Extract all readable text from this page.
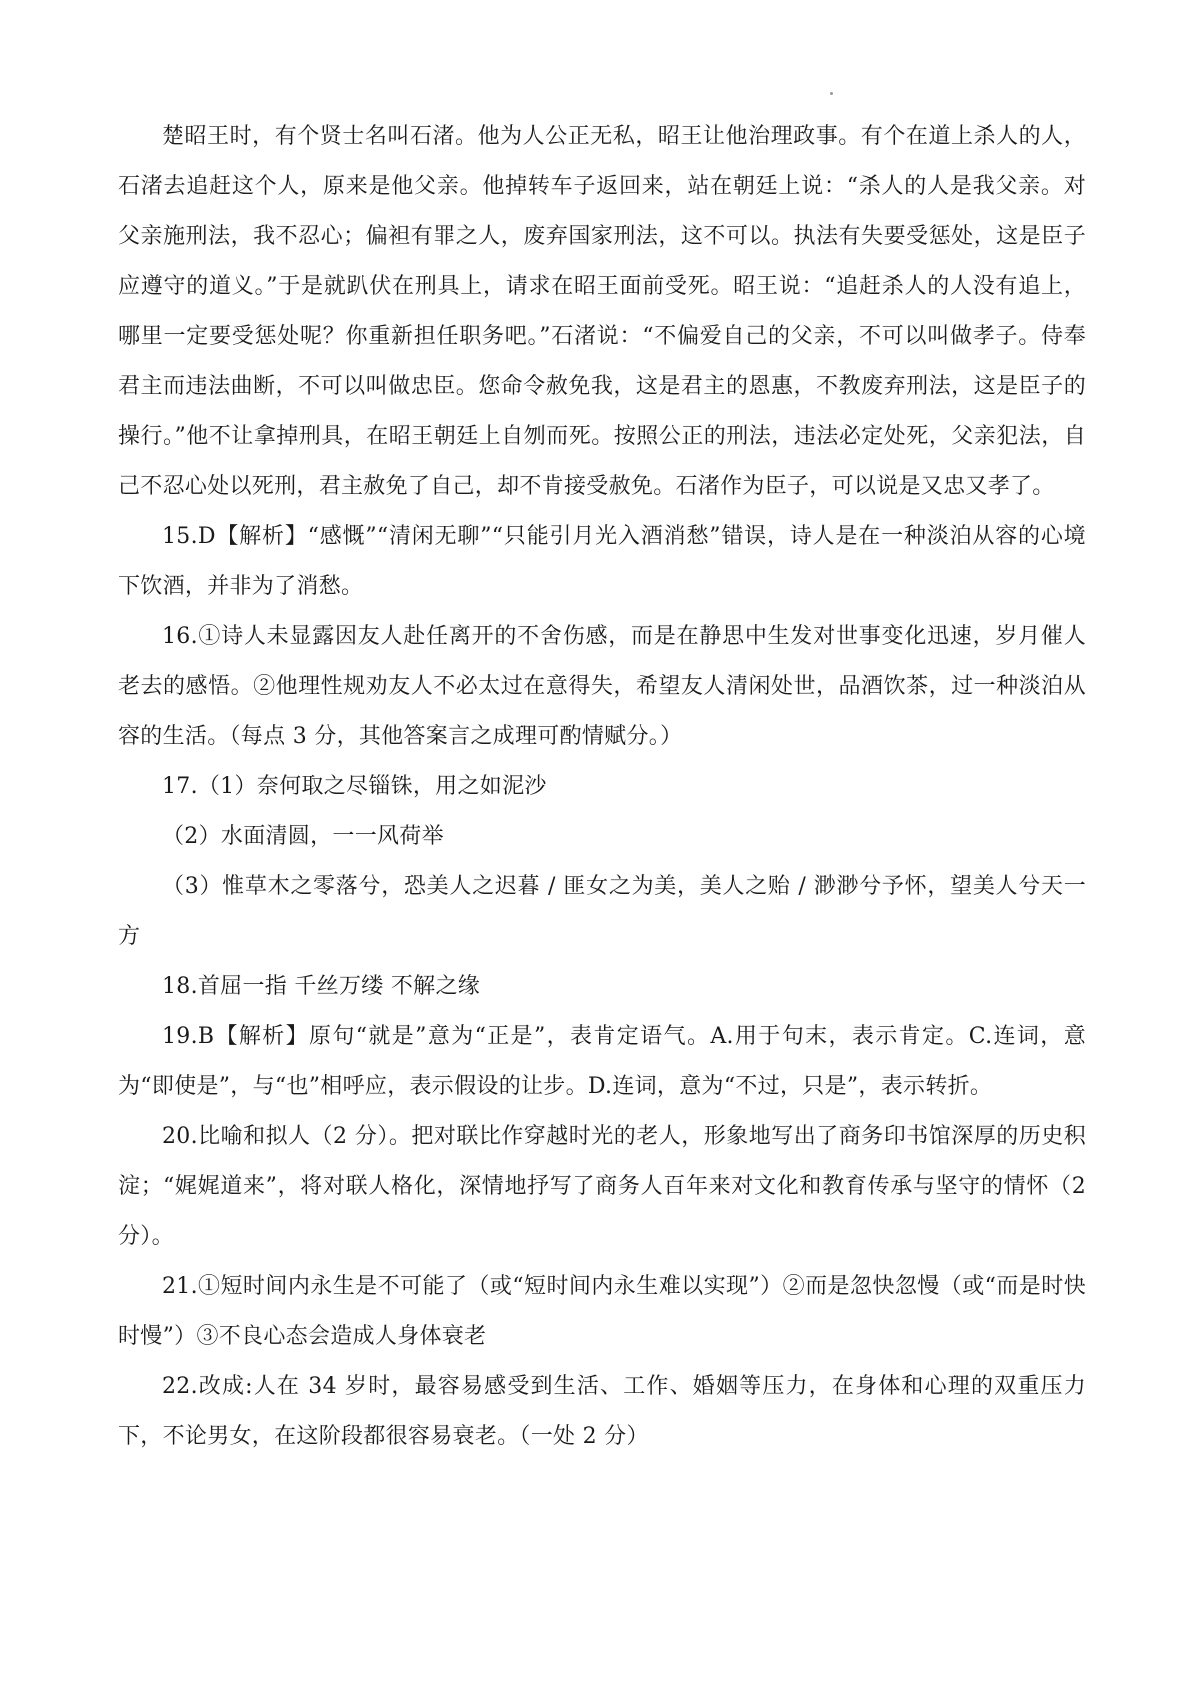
楚昭王时，有个贤士名叫石渚。他为人公正无私，昭王让他治理政事。有个在道上杀人的人，石渚去追赶这个人，原来是他父亲。他掉转车子返回来，站在朝廷上说：“杀人的人是我父亲。对父亲施刑法，我不忍心；偏袒有罪之人，废弃国家刑法，这不可以。执法有失要受惩处，这是臣子应遵守的道义。”于是就趴伏在刑具上，请求在昭王面前受死。昭王说：“追赶杀人的人没有追上，哪里一定要受惩处呢？你重新担任职务吧。”石渚说：“不偏爱自己的父亲，不可以叫做孝子。侍奉君主而违法曲断，不可以叫做忠臣。您命令赦免我，这是君主的恩惠，不教废弃刑法，这是臣子的操行。”他不让拿掉刑具，在昭王朝廷上自刎而死。按照公正的刑法，违法必定处死，父亲犯法，自己不忍心处以死刑，君主赦免了自己，却不肯接受赦免。石渚作为臣子，可以说是又忠又孝了。

15.D【解析】“感慨”“清闲无聊”“只能引月光入酒消愁”错误，诗人是在一种淡泊从容的心境下饮酒，并非为了消愁。

16.①诗人未显露因友人赴任离开的不舍伤感，而是在静思中生发对世事变化迅速，岁月催人老去的感悟。②他理性规劝友人不必太过在意得失，希望友人清闲处世，品酒饮茶，过一种淡泊从容的生活。（每点 3 分，其他答案言之成理可酌情赋分。）

17.（1）奈何取之尽锱铢，用之如泥沙

（2）水面清圆，一一风荷举

（3）惟草木之零落兮，恐美人之迟暮 / 匪女之为美，美人之贻 / 渺渺兮予怀，望美人兮天一方

18.首屈一指 千丝万缕 不解之缘

19.B【解析】原句“就是”意为“正是”，表肯定语气。A.用于句末，表示肯定。C.连词，意为“即使是”，与“也”相呼应，表示假设的让步。D.连词，意为“不过，只是”，表示转折。

20.比喻和拟人（2 分）。把对联比作穿越时光的老人，形象地写出了商务印书馆深厚的历史积淀；“娓娓道来”，将对联人格化，深情地抒写了商务人百年来对文化和教育传承与坚守的情怀（2 分）。

21.①短时间内永生是不可能了（或“短时间内永生难以实现”）②而是忽快忽慢（或“而是时快时慢”）③不良心态会造成人身体衰老

22.改成:人在 34 岁时，最容易感受到生活、工作、婚姻等压力，在身体和心理的双重压力下，不论男女，在这阶段都很容易衰老。（一处 2 分）
